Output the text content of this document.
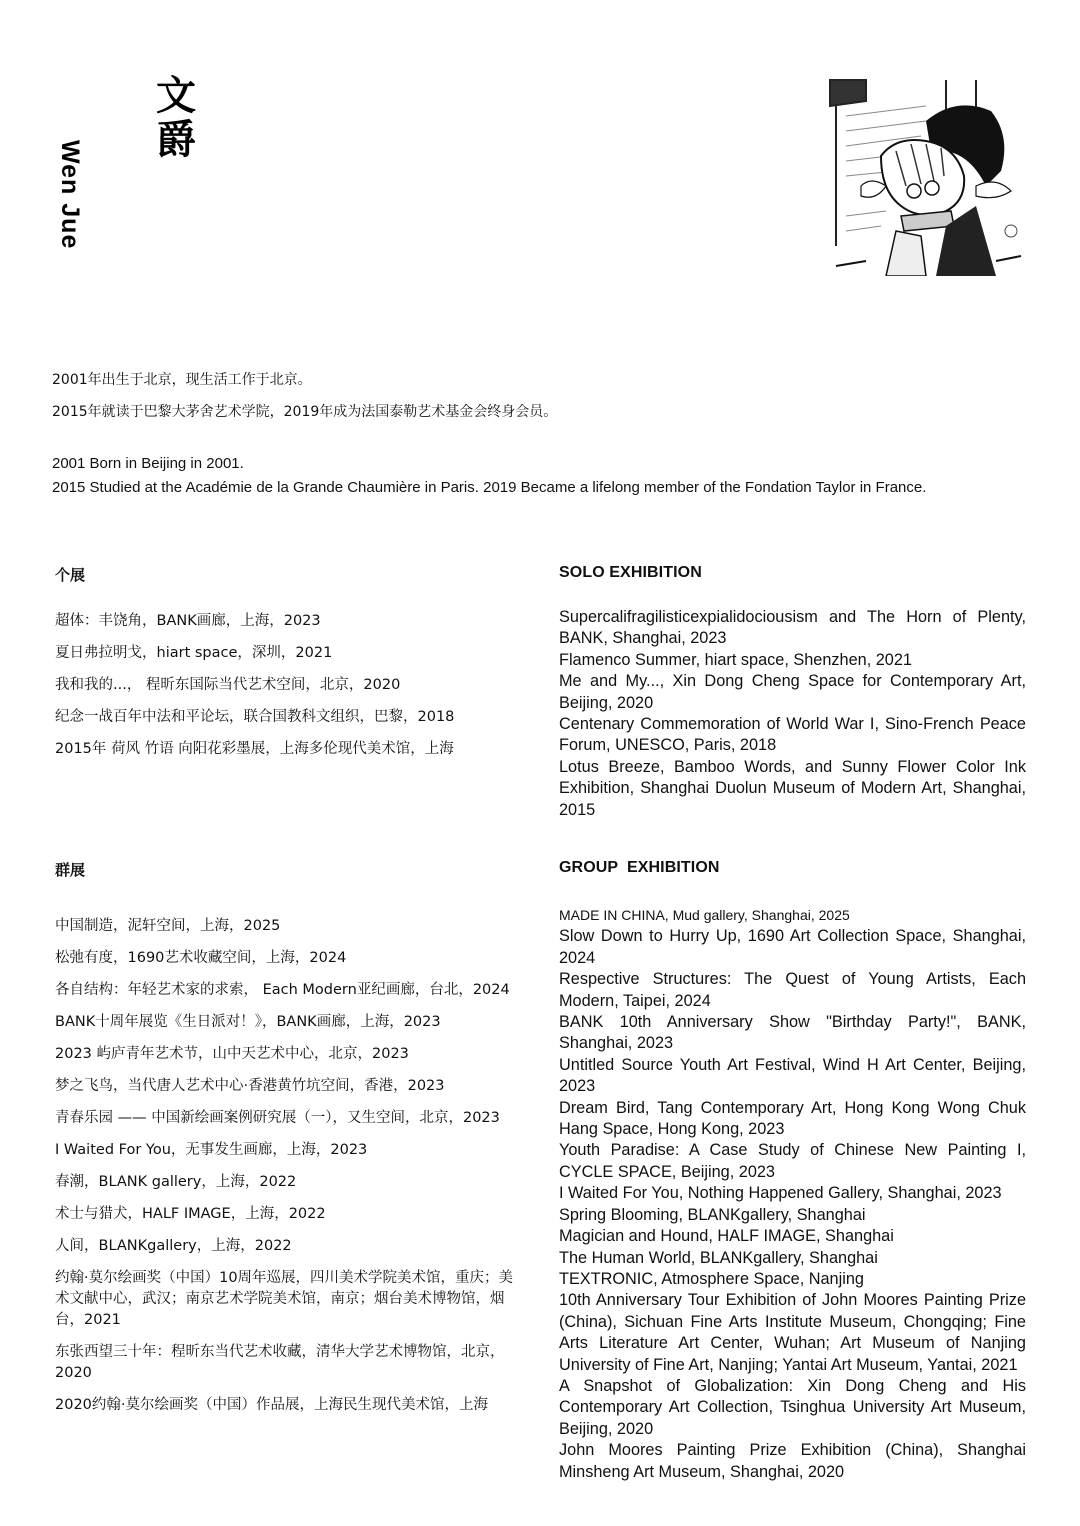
文
爵
Wen Jue
2001年出生于北京，现生活工作于北京。
2015年就读于巴黎大茅舍艺术学院，2019年成为法国泰勒艺术基金会终身会员。
2001 Born in Beijing in 2001.
2015 Studied at the Académie de la Grande Chaumière in Paris. 2019 Became a lifelong member of the Fondation Taylor in France.
个展
超体：丰饶角，BANK画廊，上海，2023
夏日弗拉明戈，hiart space，深圳，2021
我和我的...， 程昕东国际当代艺术空间，北京，2020
纪念一战百年中法和平论坛，联合国教科文组织，巴黎，2018
2015年 荷风 竹语 向阳花彩墨展，上海多伦现代美术馆，上海
SOLO EXHIBITION
Supercalifragilisticexpialidociousism and The Horn of Plenty, BANK, Shanghai, 2023
Flamenco Summer, hiart space, Shenzhen, 2021
Me and My..., Xin Dong Cheng Space for Contemporary Art, Beijing, 2020
Centenary Commemoration of World War I, Sino-French Peace Forum, UNESCO, Paris, 2018
Lotus Breeze, Bamboo Words, and Sunny Flower Color Ink Exhibition, Shanghai Duolun Museum of Modern Art, Shanghai, 2015
群展
中国制造，泥轩空间，上海，2025
松弛有度，1690艺术收藏空间，上海，2024
各自结构：年轻艺术家的求索， Each Modern亚纪画廊，台北，2024
BANK十周年展览《生日派对！》，BANK画廊，上海，2023
2023 屿庐青年艺术节，山中天艺术中心，北京，2023
梦之飞鸟，当代唐人艺术中心·香港黄竹坑空间，香港，2023
青春乐园 —— 中国新绘画案例研究展（一），又生空间，北京，2023
I Waited For You，无事发生画廊，上海，2023
春潮，BLANK gallery，上海，2022
术士与猎犬，HALF IMAGE，上海，2022
人间，BLANKgallery，上海，2022
约翰·莫尔绘画奖（中国）10周年巡展，四川美术学院美术馆，重庆；美术文献中心，武汉；南京艺术学院美术馆，南京；烟台美术博物馆，烟台，2021
东张西望三十年：程昕东当代艺术收藏，清华大学艺术博物馆，北京，2020
2020约翰·莫尔绘画奖（中国）作品展，上海民生现代美术馆，上海
GROUP  EXHIBITION
MADE IN CHINA, Mud gallery, Shanghai, 2025
Slow Down to Hurry Up, 1690 Art Collection Space, Shanghai, 2024
Respective Structures: The Quest of Young Artists, Each Modern, Taipei, 2024
BANK 10th Anniversary Show "Birthday Party!", BANK, Shanghai, 2023
Untitled Source Youth Art Festival, Wind H Art Center, Beijing, 2023
Dream Bird, Tang Contemporary Art, Hong Kong Wong Chuk Hang Space, Hong Kong, 2023
Youth Paradise: A Case Study of Chinese New Painting I, CYCLE SPACE, Beijing, 2023
I Waited For You, Nothing Happened Gallery, Shanghai, 2023
Spring Blooming, BLANKgallery, Shanghai
Magician and Hound, HALF IMAGE, Shanghai
The Human World, BLANKgallery, Shanghai
TEXTRONIC, Atmosphere Space, Nanjing
10th Anniversary Tour Exhibition of John Moores Painting Prize (China), Sichuan Fine Arts Institute Museum, Chongqing; Fine Arts Literature Art Center, Wuhan; Art Museum of Nanjing University of Fine Art, Nanjing; Yantai Art Museum, Yantai, 2021
A Snapshot of Globalization: Xin Dong Cheng and His Contemporary Art Collection, Tsinghua University Art Museum, Beijing, 2020
John Moores Painting Prize Exhibition (China), Shanghai Minsheng Art Museum, Shanghai, 2020
